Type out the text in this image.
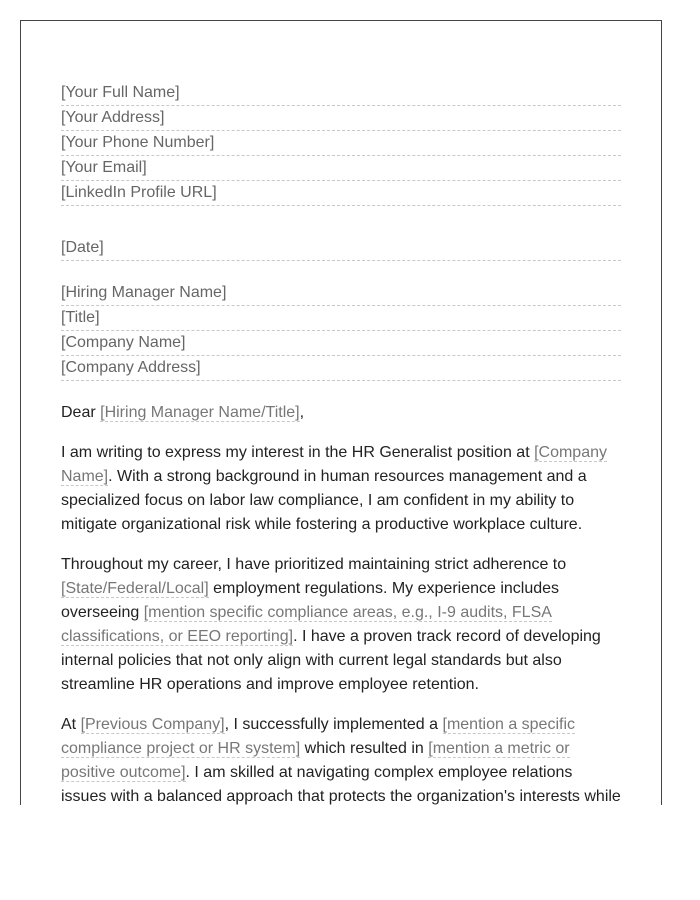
[Your Full Name]
[Your Address]
[Your Phone Number]
[Your Email]
[LinkedIn Profile URL]
[Date]
[Hiring Manager Name]
[Title]
[Company Name]
[Company Address]
Dear [Hiring Manager Name/Title],

I am writing to express my interest in the HR Generalist position at [Company Name]. With a strong background in human resources management and a specialized focus on labor law compliance, I am confident in my ability to mitigate organizational risk while fostering a productive workplace culture.

Throughout my career, I have prioritized maintaining strict adherence to [State/Federal/Local] employment regulations. My experience includes overseeing [mention specific compliance areas, e.g., I-9 audits, FLSA classifications, or EEO reporting]. I have a proven track record of developing internal policies that not only align with current legal standards but also streamline HR operations and improve employee retention.

At [Previous Company], I successfully implemented a [mention a specific compliance project or HR system] which resulted in [mention a metric or positive outcome]. I am skilled at navigating complex employee relations issues with a balanced approach that protects the organization's interests while
